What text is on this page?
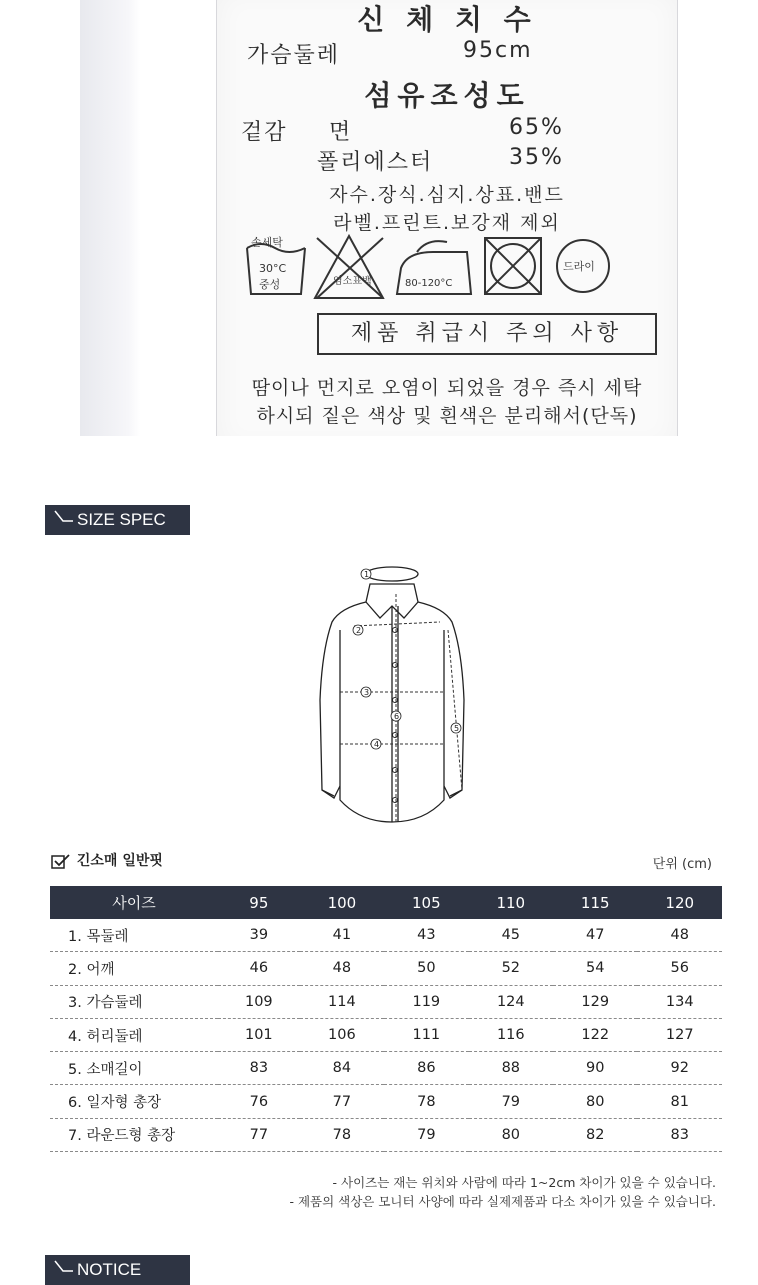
신 체 치 수
가슴둘레	95cm
섬유조성도
겉감 면	65%
폴리에스터	35%
자수.장식.심지.상표.밴드
라벨.프린트.보강재 제외
손세탁
30°C
중성	염소표백	80-120°C
드라이
제품 취급시 주의 사항
땀이나 먼지로 오염이 되었을 경우 즉시 세탁
하시되 짙은 색상 및 흰색은 분리해서(단독)
SIZE SPEC
1
2
3
4
5
6
긴소매 일반핏	단위 (cm)
사이즈	95	100	105	110	115	120
1. 목둘레	39	41	43	45	47	48
2. 어깨	46	48	50	52	54	56
3. 가슴둘레	109	114	119	124	129	134
4. 허리둘레	101	106	111	116	122	127
5. 소매길이	83	84	86	88	90	92
6. 일자형 총장	76	77	78	79	80	81
7. 라운드형 총장	77	78	79	80	82	83
- 사이즈는 재는 위치와 사람에 따라 1~2cm 차이가 있을 수 있습니다.
- 제품의 색상은 모니터 사양에 따라 실제제품과 다소 차이가 있을 수 있습니다.
NOTICE
